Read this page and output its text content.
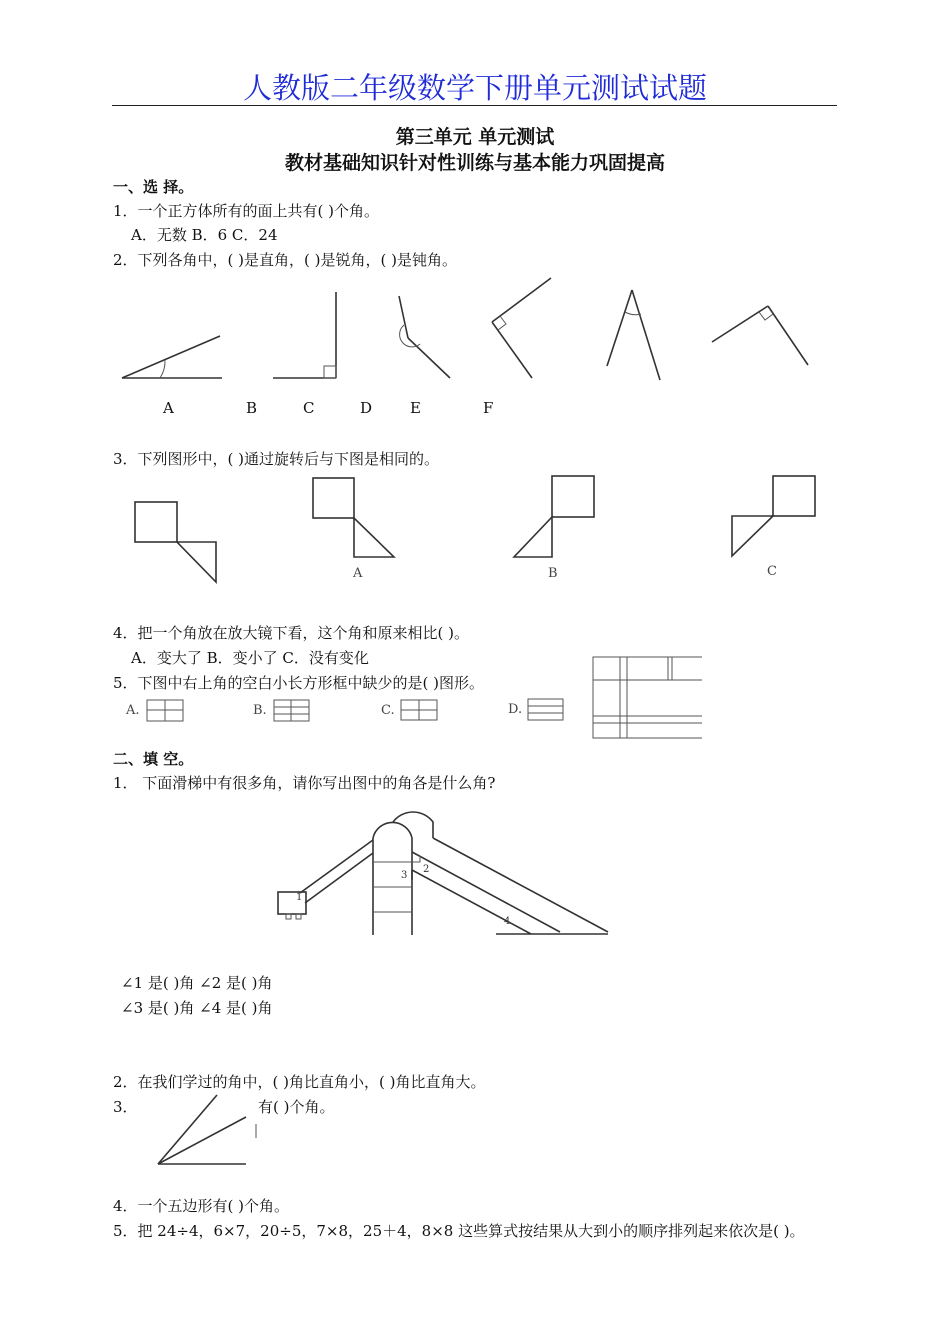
人教版二年级数学下册单元测试试题
第三单元 单元测试
教材基础知识针对性训练与基本能力巩固提高
一、选 择。
1．一个正方体所有的面上共有( )个角。
A．无数 B．6 C．24
2．下列各角中，( )是直角，( )是锐角，( )是钝角。
A	B	C	D	E	F
3．下列图形中，( )通过旋转后与下图是相同的。
A	B	C
4．把一个角放在放大镜下看，这个角和原来相比( )。
A．变大了 B．变小了 C．没有变化
5．下图中右上角的空白小长方形框中缺少的是( )图形。
A.	B.	C.	D.
二、填 空。
1． 下面滑梯中有很多角，请你写出图中的角各是什么角?
1
2
3
4
∠1 是( )角 ∠2 是( )角
∠3 是( )角 ∠4 是( )角
2．在我们学过的角中，( )角比直角小，( )角比直角大。
3．	有( )个角。
4．一个五边形有( )个角。
5．把 24÷4，6×7，20÷5，7×8，25＋4，8×8 这些算式按结果从大到小的顺序排列起来依次是( )。
